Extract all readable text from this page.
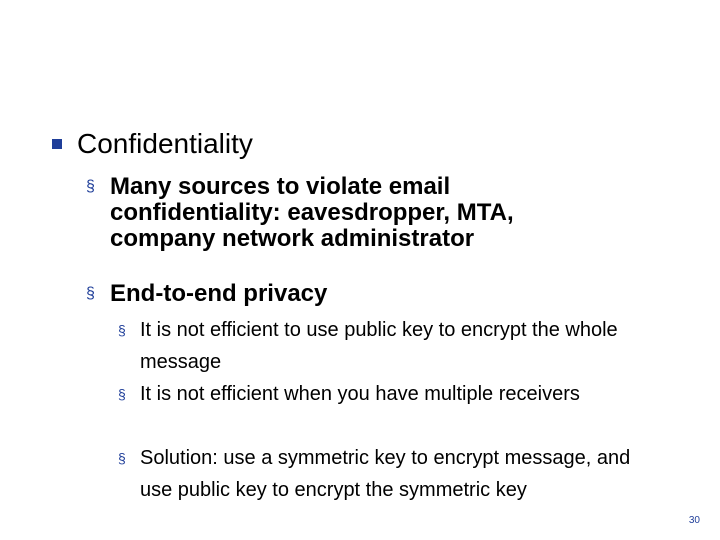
Confidentiality
§ Many sources to violate email confidentiality: eavesdropper, MTA, company network administrator
§ End-to-end privacy
§ It is not efficient to use public key to encrypt the whole message
§ It is not efficient when you have multiple receivers
§ Solution: use a symmetric key to encrypt message, and use public key to encrypt the symmetric key
30
